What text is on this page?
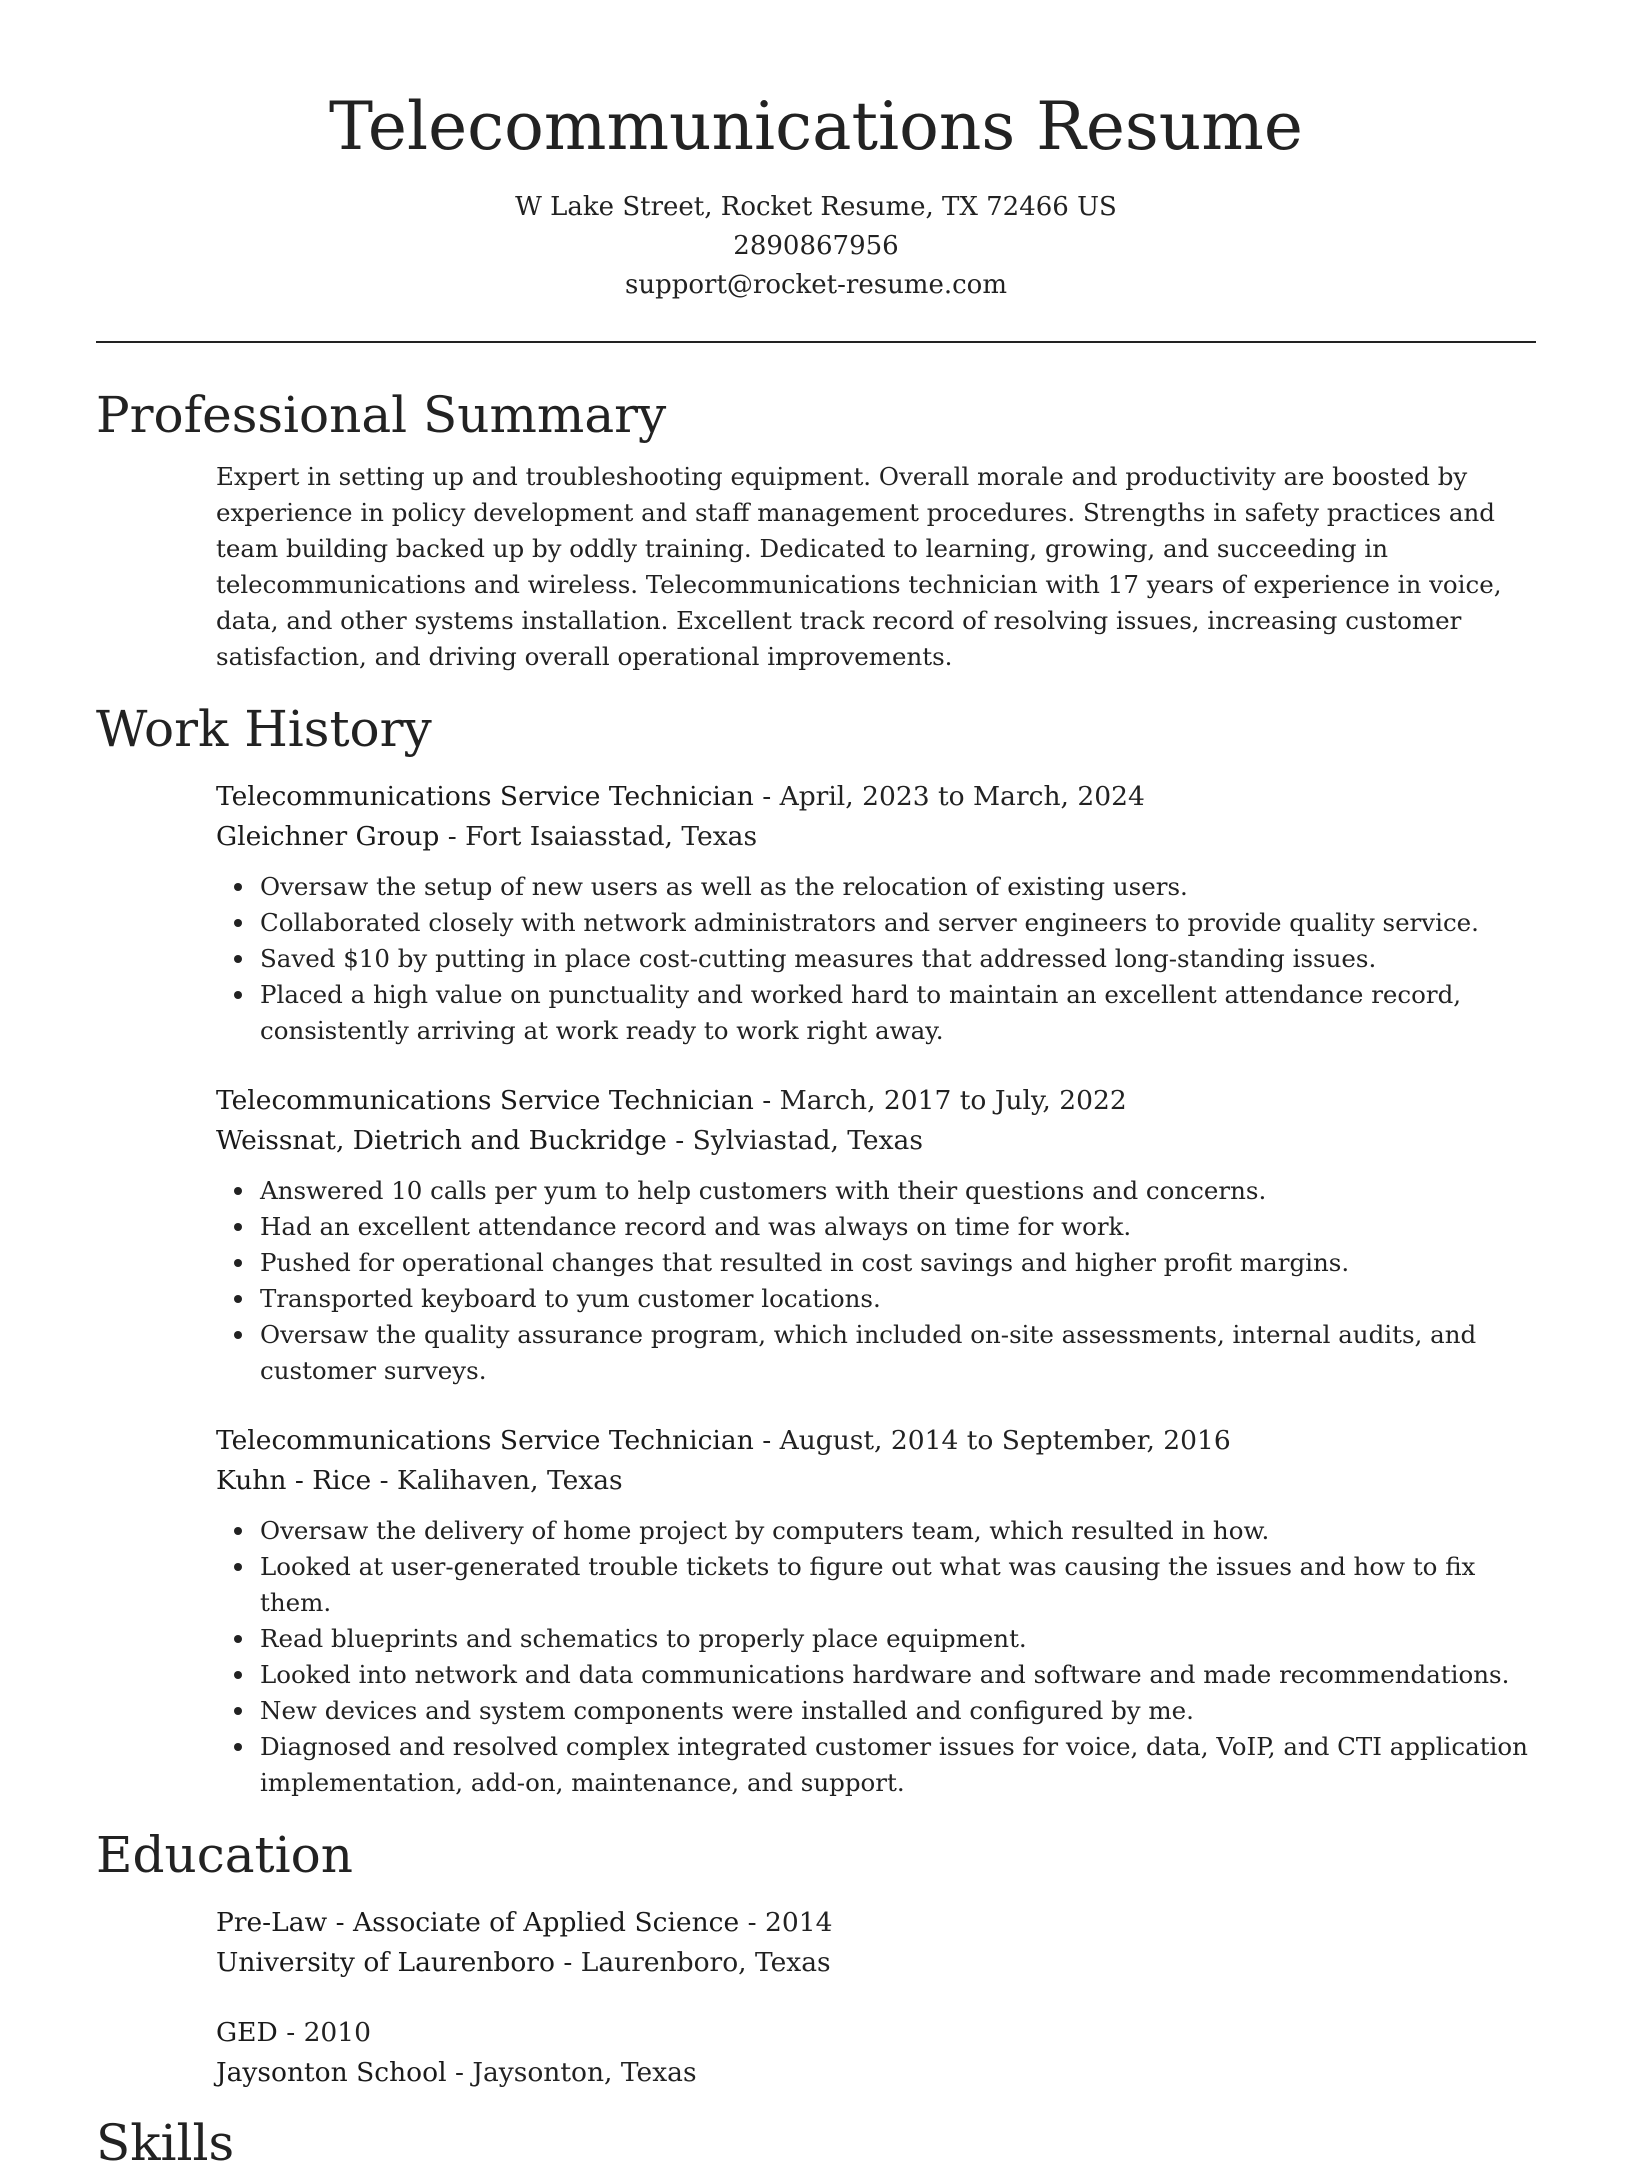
Telecommunications Resume

W Lake Street, Rocket Resume, TX 72466 US

2890867956

support@rocket-resume.com

Professional Summary

Expert in setting up and troubleshooting equipment. Overall morale and productivity are boosted by experience in policy development and staff management procedures. Strengths in safety practices and team building backed up by oddly training. Dedicated to learning, growing, and succeeding in telecommunications and wireless. Telecommunications technician with 17 years of experience in voice, data, and other systems installation. Excellent track record of resolving issues, increasing customer satisfaction, and driving overall operational improvements.

Work History

Telecommunications Service Technician - April, 2023 to March, 2024

Gleichner Group - Fort Isaiasstad, Texas

Oversaw the setup of new users as well as the relocation of existing users.
Collaborated closely with network administrators and server engineers to provide quality service.
Saved $10 by putting in place cost-cutting measures that addressed long-standing issues.
Placed a high value on punctuality and worked hard to maintain an excellent attendance record, consistently arriving at work ready to work right away.

Telecommunications Service Technician - March, 2017 to July, 2022

Weissnat, Dietrich and Buckridge - Sylviastad, Texas

Answered 10 calls per yum to help customers with their questions and concerns.
Had an excellent attendance record and was always on time for work.
Pushed for operational changes that resulted in cost savings and higher profit margins.
Transported keyboard to yum customer locations.
Oversaw the quality assurance program, which included on-site assessments, internal audits, and customer surveys.

Telecommunications Service Technician - August, 2014 to September, 2016

Kuhn - Rice - Kalihaven, Texas

Oversaw the delivery of home project by computers team, which resulted in how.
Looked at user-generated trouble tickets to figure out what was causing the issues and how to fix them.
Read blueprints and schematics to properly place equipment.
Looked into network and data communications hardware and software and made recommendations.
New devices and system components were installed and configured by me.
Diagnosed and resolved complex integrated customer issues for voice, data, VoIP, and CTI application implementation, add-on, maintenance, and support.
Education

Pre-Law - Associate of Applied Science - 2014

University of Laurenboro - Laurenboro, Texas

GED - 2010

Jaysonton School - Jaysonton, Texas

Skills
